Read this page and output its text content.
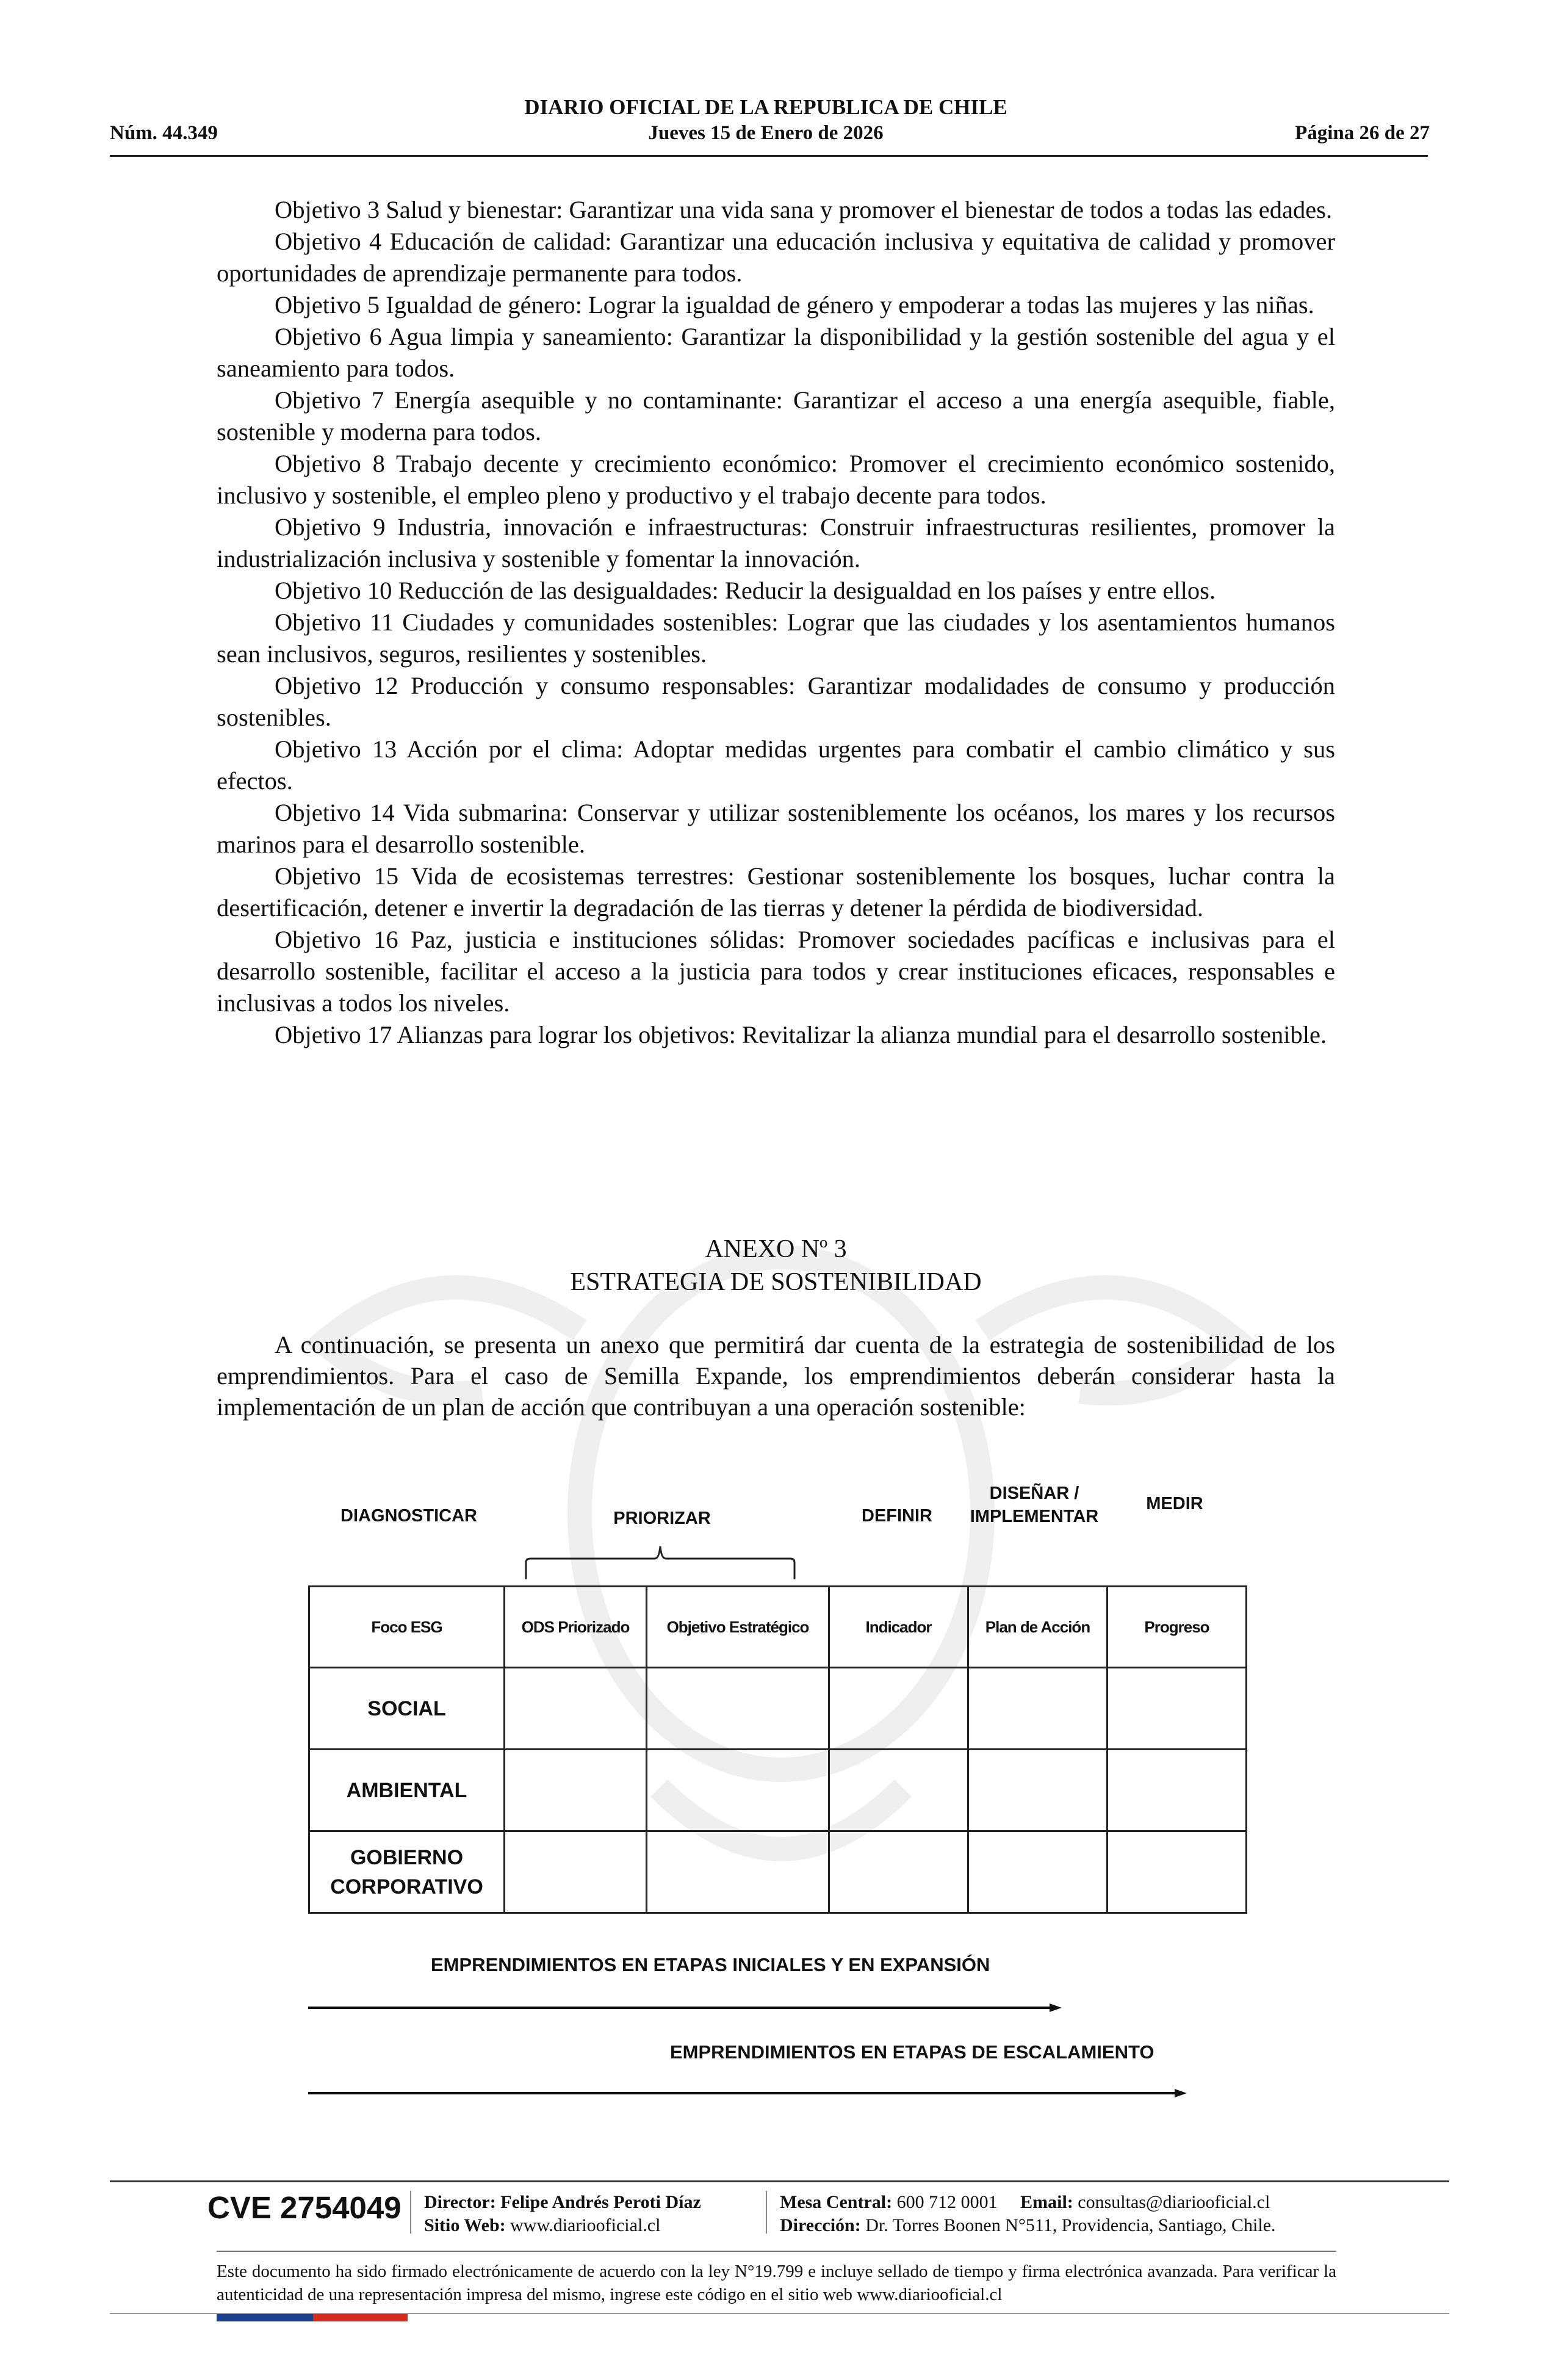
DIARIO OFICIAL DE LA REPUBLICA DE CHILE
Núm. 44.349	Jueves 15 de Enero de 2026	Página 26 de 27

Objetivo 3 Salud y bienestar: Garantizar una vida sana y promover el bienestar de todos a todas las edades.

Objetivo 4 Educación de calidad: Garantizar una educación inclusiva y equitativa de calidad y promover oportunidades de aprendizaje permanente para todos.

Objetivo 5 Igualdad de género: Lograr la igualdad de género y empoderar a todas las mujeres y las niñas.

Objetivo 6 Agua limpia y saneamiento: Garantizar la disponibilidad y la gestión sostenible del agua y el saneamiento para todos.

Objetivo 7 Energía asequible y no contaminante: Garantizar el acceso a una energía asequible, fiable, sostenible y moderna para todos.

Objetivo 8 Trabajo decente y crecimiento económico: Promover el crecimiento económico sostenido, inclusivo y sostenible, el empleo pleno y productivo y el trabajo decente para todos.

Objetivo 9 Industria, innovación e infraestructuras: Construir infraestructuras resilientes, promover la industrialización inclusiva y sostenible y fomentar la innovación.

Objetivo 10 Reducción de las desigualdades: Reducir la desigualdad en los países y entre ellos.

Objetivo 11 Ciudades y comunidades sostenibles: Lograr que las ciudades y los asentamientos humanos sean inclusivos, seguros, resilientes y sostenibles.

Objetivo 12 Producción y consumo responsables: Garantizar modalidades de consumo y producción sostenibles.

Objetivo 13 Acción por el clima: Adoptar medidas urgentes para combatir el cambio climático y sus efectos.

Objetivo 14 Vida submarina: Conservar y utilizar sosteniblemente los océanos, los mares y los recursos marinos para el desarrollo sostenible.

Objetivo 15 Vida de ecosistemas terrestres: Gestionar sosteniblemente los bosques, luchar contra la desertificación, detener e invertir la degradación de las tierras y detener la pérdida de biodiversidad.

Objetivo 16 Paz, justicia e instituciones sólidas: Promover sociedades pacíficas e inclusivas para el desarrollo sostenible, facilitar el acceso a la justicia para todos y crear instituciones eficaces, responsables e inclusivas a todos los niveles.

Objetivo 17 Alianzas para lograr los objetivos: Revitalizar la alianza mundial para el desarrollo sostenible.

ANEXO Nº 3
ESTRATEGIA DE SOSTENIBILIDAD

A continuación, se presenta un anexo que permitirá dar cuenta de la estrategia de sostenibilidad de los emprendimientos. Para el caso de Semilla Expande, los emprendimientos deberán considerar hasta la implementación de un plan de acción que contribuyan a una operación sostenible:

DIAGNOSTICAR	PRIORIZAR	DEFINIR
DISEÑAR /
IMPLEMENTAR
MEDIR
Foco ESG	ODS Priorizado	Objetivo Estratégico	Indicador	Plan de Acción	Progreso
SOCIAL					
AMBIENTAL					

GOBIERNO
CORPORATIVO					

EMPRENDIMIENTOS EN ETAPAS INICIALES Y EN EXPANSIÓN
EMPRENDIMIENTOS EN ETAPAS DE ESCALAMIENTO
CVE 2754049 Director: Felipe Andrés Peroti Díaz
Sitio Web: www.diariooficial.cl
Mesa Central: 600 712 0001 Email: consultas@diariooficial.cl
Dirección: Dr. Torres Boonen N°511, Providencia, Santiago, Chile.
Este documento ha sido firmado electrónicamente de acuerdo con la ley N°19.799 e incluye sellado de tiempo y firma electrónica avanzada. Para verificar la autenticidad de una representación impresa del mismo, ingrese este código en el sitio web www.diariooficial.cl
